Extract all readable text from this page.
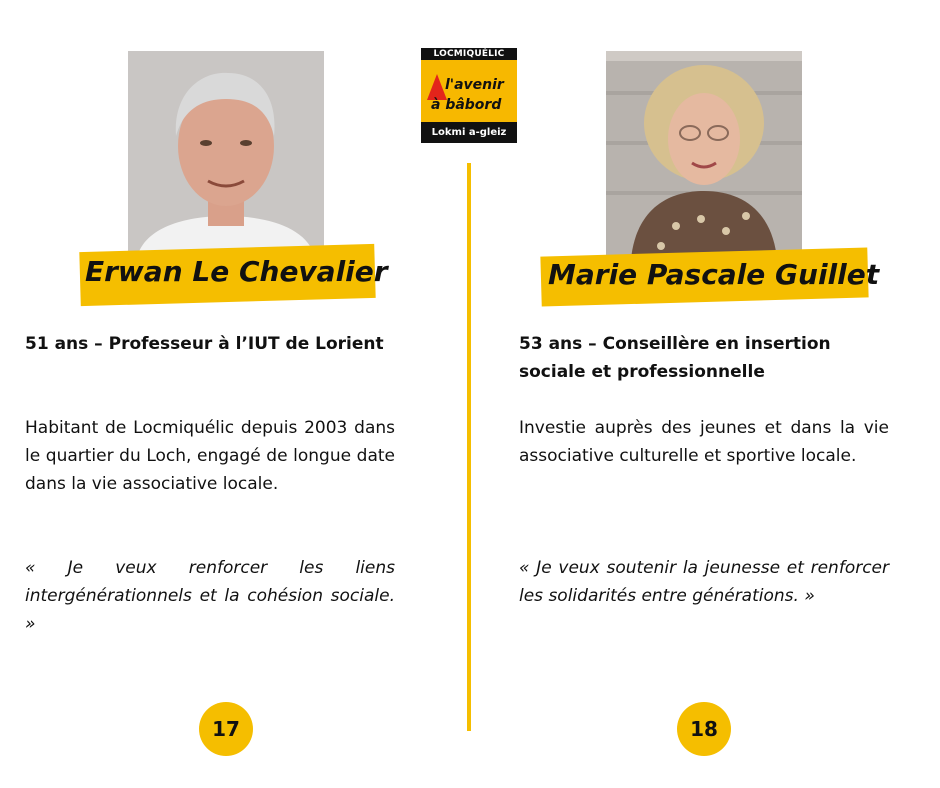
LOCMIQUÉLIC
l'avenir
à bâbord
Lokmi a-gleiz
Erwan Le Chevalier	Marie Pascale Guillet
51 ans – Professeur à l’IUT de Lorient
Habitant de Locmiquélic depuis 2003 dans le quartier du Loch, engagé de longue date dans la vie associative locale.
« Je veux renforcer les liens intergénérationnels et la cohésion sociale. »
53 ans – Conseillère en insertion sociale et professionnelle
Investie auprès des jeunes et dans la vie associative culturelle et sportive locale.
« Je veux soutenir la jeunesse et renforcer les solidarités entre générations. »
17	18
